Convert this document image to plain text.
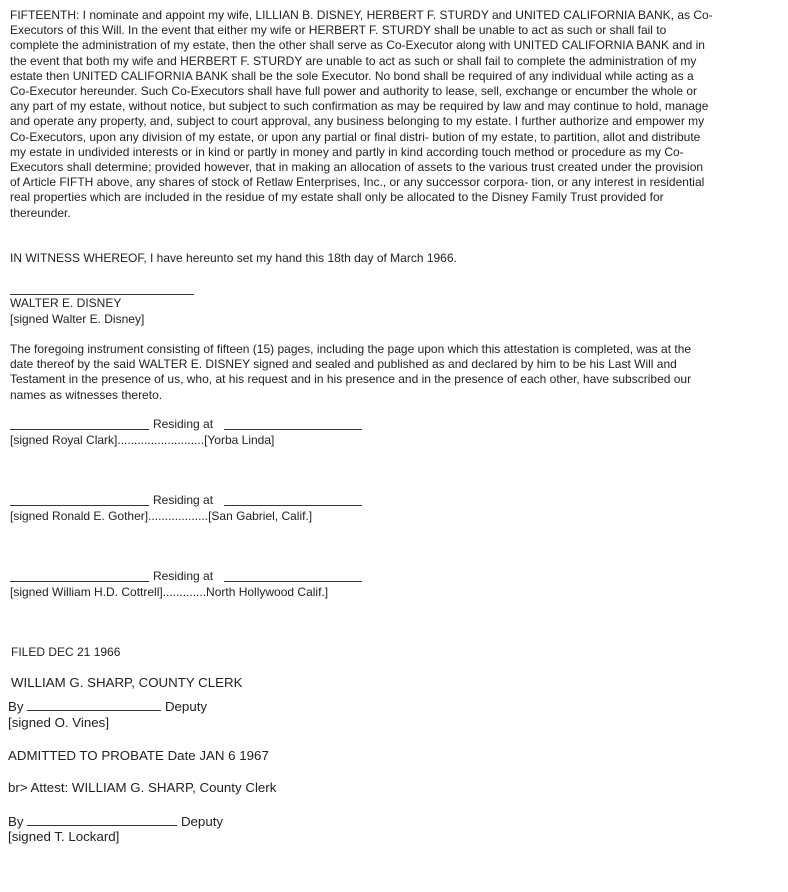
FIFTEENTH: I nominate and appoint my wife, LILLIAN B. DISNEY, HERBERT F. STURDY and UNITED CALIFORNIA BANK, as Co-Executors of this Will. In the event that either my wife or HERBERT F. STURDY shall be unable to act as such or shall fail to complete the administration of my estate, then the other shall serve as Co-Executor along with UNITED CALIFORNIA BANK and in the event that both my wife and HERBERT F. STURDY are unable to act as such or shall fail to complete the administration of my estate then UNITED CALIFORNIA BANK shall be the sole Executor. No bond shall be required of any individual while acting as a Co-Executor hereunder. Such Co-Executors shall have full power and authority to lease, sell, exchange or encumber the whole or any part of my estate, without notice, but subject to such confirmation as may be required by law and may continue to hold, manage and operate any property, and, subject to court approval, any business belonging to my estate. I further authorize and empower my Co-Executors, upon any division of my estate, or upon any partial or final distri- bution of my estate, to partition, allot and distribute my estate in undivided interests or in kind or partly in money and partly in kind according touch method or procedure as my Co-Executors shall determine; provided however, that in making an allocation of assets to the various trust created under the provision of Article FIFTH above, any shares of stock of Retlaw Enterprises, Inc., or any successor corpora- tion, or any interest in residential real properties which are included in the residue of my estate shall only be allocated to the Disney Family Trust provided for thereunder.
IN WITNESS WHEREOF, I have hereunto set my hand this 18th day of March 1966.
WALTER E. DISNEY
[signed Walter E. Disney]
The foregoing instrument consisting of fifteen (15) pages, including the page upon which this attestation is completed, was at the date thereof by the said WALTER E. DISNEY signed and sealed and published as and declared by him to be his Last Will and Testament in the presence of us, who, at his request and in his presence and in the presence of each other, have subscribed our names as witnesses thereto.
Residing at
[signed Royal Clark]..........................[Yorba Linda]
Residing at
[signed Ronald E. Gother]..................[San Gabriel, Calif.]
Residing at
[signed William H.D. Cottrell].............North Hollywood Calif.]
FILED DEC 21 1966
WILLIAM G. SHARP, COUNTY CLERK
By	Deputy
[signed O. Vines]
ADMITTED TO PROBATE Date JAN 6 1967
br> Attest: WILLIAM G. SHARP, County Clerk
By	Deputy
[signed T. Lockard]
